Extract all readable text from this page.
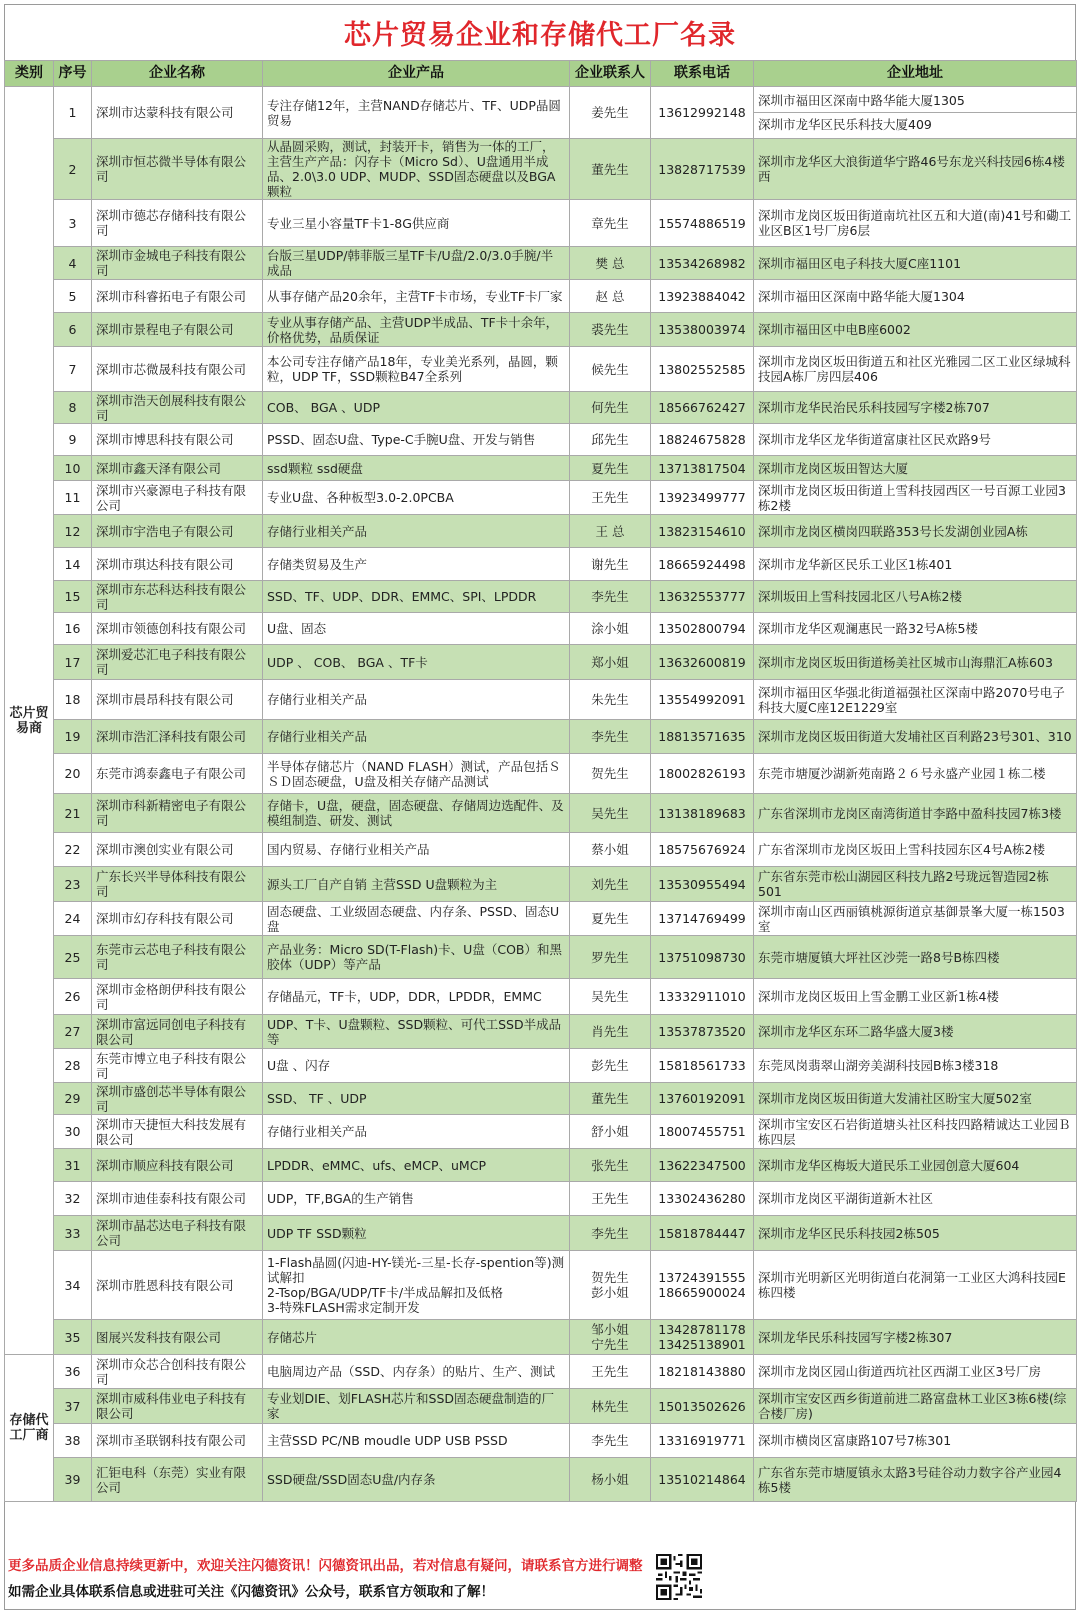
芯片贸易企业和存储代工厂名录
类别	序号	企业名称	企业产品	企业联系人	联系电话	企业地址

芯片贸
易商	1	深圳市达蒙科技有限公司	专注存储12年，主营NAND存储芯片、TF、UDP晶圆贸易	姜先生	13612992148	深圳市福田区深南中路华能大厦1305
深圳市龙华区民乐科技大厦409

	2	深圳市恒芯微半导体有限公司	从晶圆采购，测试，封装开卡，销售为一体的工厂，主营生产产品：闪存卡（Micro Sd）、U盘通用半成品、2.0\3.0 UDP、MUDP、SSD固态硬盘以及BGA颗粒	董先生	13828717539	深圳市龙华区大浪街道华宁路46号东龙兴科技园6栋4楼西
	3	深圳市德芯存储科技有限公司	专业三星小容量TF卡1-8G供应商	章先生	15574886519	深圳市龙岗区坂田街道南坑社区五和大道(南)41号和磡工业区B区1号厂房6层
	4	深圳市金城电子科技有限公司	台版三星UDP/韩菲版三星TF卡/U盘/2.0/3.0手腕/半成品	樊 总	13534268982	深圳市福田区电子科技大厦C座1101
	5	深圳市科睿拓电子有限公司	从事存储产品20余年，主营TF卡市场，专业TF卡厂家	赵 总	13923884042	深圳市福田区深南中路华能大厦1304
	6	深圳市景程电子有限公司	专业从事存储产品、主营UDP半成品、TF卡十余年，价格优势，品质保证	裘先生	13538003974	深圳市福田区中电B座6002
	7	深圳市芯微晟科技有限公司	本公司专注存储产品18年，专业美光系列，晶圆，颗粒，UDP TF，SSD颗粒B47全系列	候先生	13802552585	深圳市龙岗区坂田街道五和社区光雅园二区工业区绿城科技园A栋厂房四层406
	8	深圳市浩天创展科技有限公司	COB、 BGA 、UDP	何先生	18566762427	深圳市龙华民治民乐科技园写字楼2栋707
	9	深圳市博思科技有限公司	PSSD、固态U盘、Type-C手腕U盘、开发与销售	邱先生	18824675828	深圳市龙华区龙华街道富康社区民欢路9号
	10	深圳市鑫天泽有限公司	ssd颗粒 ssd硬盘	夏先生	13713817504	深圳市龙岗区坂田智达大厦
	11	深圳市兴豪源电子科技有限公司	专业U盘、各种板型3.0-2.0PCBA	王先生	13923499777	深圳市龙岗区坂田街道上雪科技园西区一号百源工业园3栋2楼
	12	深圳市宇浩电子有限公司	存储行业相关产品	王 总	13823154610	深圳市龙岗区横岗四联路353号长发湖创业园A栋
	14	深圳市琪达科技有限公司	存储类贸易及生产	谢先生	18665924498	深圳市龙华新区民乐工业区1栋401
	15	深圳市东芯科达科技有限公司	SSD、TF、UDP、DDR、EMMC、SPI、LPDDR	李先生	13632553777	深圳坂田上雪科技园北区八号A栋2楼
	16	深圳市领德创科技有限公司	U盘、固态	涂小姐	13502800794	深圳市龙华区观澜惠民一路32号A栋5楼
	17	深圳爱芯汇电子科技有限公司	UDP 、 COB、 BGA 、TF卡	郑小姐	13632600819	深圳市龙岗区坂田街道杨美社区城市山海鼎汇A栋603
	18	深圳市晨昂科技有限公司	存储行业相关产品	朱先生	13554992091	深圳市福田区华强北街道福强社区深南中路2070号电子科技大厦C座12E1229室
	19	深圳市浩汇泽科技有限公司	存储行业相关产品	李先生	18813571635	深圳市龙岗区坂田街道大发埔社区百利路23号301、310
	20	东莞市鸿泰鑫电子有限公司	半导体存储芯片（NAND FLASH）测试，产品包括ＳＳＤ固态硬盘，U盘及相关存储产品测试	贺先生	18002826193	东莞市塘厦沙湖新苑南路２６号永盛产业园１栋二楼
	21	深圳市科新精密电子有限公司	存储卡，U盘，硬盘，固态硬盘、存储周边选配件、及模组制造、研发、测试	吴先生	13138189683	广东省深圳市龙岗区南湾街道甘李路中盈科技园7栋3楼
	22	深圳市澳创实业有限公司	国内贸易、存储行业相关产品	蔡小姐	18575676924	广东省深圳市龙岗区坂田上雪科技园东区4号A栋2楼
	23	广东长兴半导体科技有限公司	源头工厂自产自销 主营SSD U盘颗粒为主	刘先生	13530955494	广东省东莞市松山湖园区科技九路2号珑远智造园2栋501
	24	深圳市幻存科技有限公司	固态硬盘、工业级固态硬盘、内存条、PSSD、固态U盘	夏先生	13714769499	深圳市南山区西丽镇桃源街道京基御景峯大厦一栋1503室
	25	东莞市云芯电子科技有限公司	产品业务：Micro SD(T-Flash)卡、U盘（COB）和黑胶体（UDP）等产品	罗先生	13751098730	东莞市塘厦镇大坪社区沙莞一路8号B栋四楼
	26	深圳市金格朗伊科技有限公司	存储晶元，TF卡，UDP，DDR，LPDDR，EMMC	吴先生	13332911010	深圳市龙岗区坂田上雪金鹏工业区新1栋4楼
	27	深圳市富远同创电子科技有限公司	UDP、T卡、U盘颗粒、SSD颗粒、可代工SSD半成品等	肖先生	13537873520	深圳市龙华区东环二路华盛大厦3楼
	28	东莞市博立电子科技有限公司	U盘 、闪存	彭先生	15818561733	东莞凤岗翡翠山湖旁美湖科技园B栋3楼318
	29	深圳市盛创芯半导体有限公司	SSD、 TF 、UDP	董先生	13760192091	深圳市龙岗区坂田街道大发浦社区盼宝大厦502室
	30	深圳市天捷恒大科技发展有限公司	存储行业相关产品	舒小姐	18007455751	深圳市宝安区石岩街道塘头社区科技四路精诚达工业园Ｂ栋四层
	31	深圳市顺应科技有限公司	LPDDR、eMMC、ufs、eMCP、uMCP	张先生	13622347500	深圳市龙华区梅坂大道民乐工业园创意大厦604
	32	深圳市迪佳泰科技有限公司	UDP，TF,BGA的生产销售	王先生	13302436280	深圳市龙岗区平湖街道新木社区
	33	深圳市晶芯达电子科技有限公司	UDP TF SSD颗粒	李先生	15818784447	深圳市龙华区民乐科技园2栋505
	34	深圳市胜恩科技有限公司	1-Flash晶圆(闪迪-HY-镁光-三星-长存-spention等)测试解扣
2-Tsop/BGA/UDP/TF卡/半成品解扣及低格
3-特殊FLASH需求定制开发	贺先生
彭小姐	13724391555
18665900024	深圳市光明新区光明街道白花洞第一工业区大鸿科技园E栋四楼
	35	图展兴发科技有限公司	存储芯片	邹小姐
宁先生	13428781178
13425138901	深圳龙华民乐科技园写字楼2栋307

存储代
工厂商	36	深圳市众芯合创科技有限公司	电脑周边产品（SSD、内存条）的贴片、生产、测试	王先生	18218143880	深圳市龙岗区园山街道西坑社区西湖工业区3号厂房
	37	深圳市威科伟业电子科技有限公司	专业划DIE、划FLASH芯片和SSD固态硬盘制造的厂家	林先生	15013502626	深圳市宝安区西乡街道前进二路富盘林工业区3栋6楼(综合楼厂房)
	38	深圳市圣联钢科技有限公司	主营SSD PC/NB moudle UDP USB PSSD	李先生	13316919771	深圳市横岗区富康路107号7栋301
	39	汇钜电科（东莞）实业有限公司	SSD硬盘/SSD固态U盘/内存条	杨小姐	13510214864	广东省东莞市塘厦镇永太路3号硅谷动力数字谷产业园4栋5楼
更多品质企业信息持续更新中，欢迎关注闪德资讯！闪德资讯出品，若对信息有疑问，请联系官方进行调整
如需企业具体联系信息或进驻可关注《闪德资讯》公众号，联系官方领取和了解！
